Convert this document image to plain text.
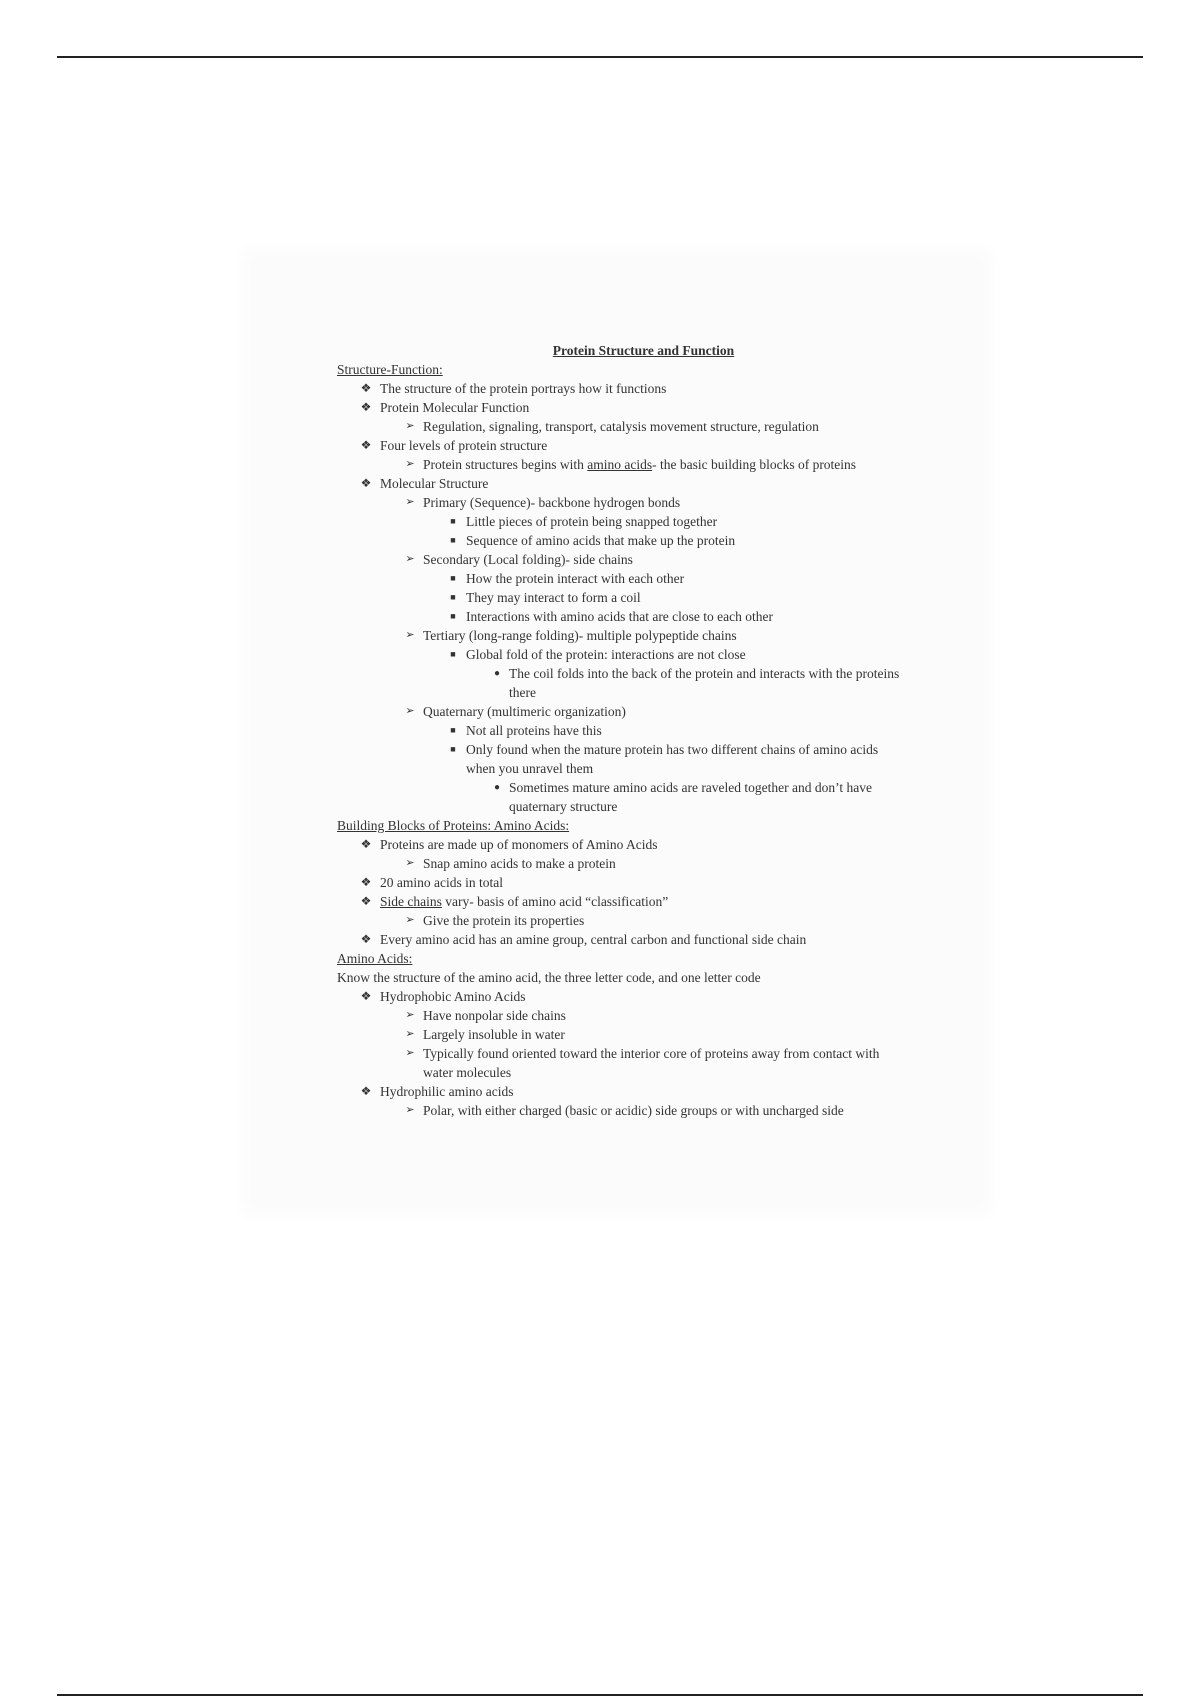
Protein Structure and Function
Structure-Function:
❖ The structure of the protein portrays how it functions
❖ Protein Molecular Function
➢ Regulation, signaling, transport, catalysis movement structure, regulation
❖ Four levels of protein structure
➢ Protein structures begins with amino acids- the basic building blocks of proteins
❖ Molecular Structure
➢ Primary (Sequence)- backbone hydrogen bonds
■ Little pieces of protein being snapped together
■ Sequence of amino acids that make up the protein
➢ Secondary (Local folding)- side chains
■ How the protein interact with each other
■ They may interact to form a coil
■ Interactions with amino acids that are close to each other
➢ Tertiary (long-range folding)- multiple polypeptide chains
■ Global fold of the protein: interactions are not close
● The coil folds into the back of the protein and interacts with the proteins there
➢ Quaternary (multimeric organization)
■ Not all proteins have this
■ Only found when the mature protein has two different chains of amino acids when you unravel them
● Sometimes mature amino acids are raveled together and don’t have quaternary structure
Building Blocks of Proteins: Amino Acids:
❖ Proteins are made up of monomers of Amino Acids
➢ Snap amino acids to make a protein
❖ 20 amino acids in total
❖ Side chains vary- basis of amino acid “classification”
➢ Give the protein its properties
❖ Every amino acid has an amine group, central carbon and functional side chain
Amino Acids:
Know the structure of the amino acid, the three letter code, and one letter code
❖ Hydrophobic Amino Acids
➢ Have nonpolar side chains
➢ Largely insoluble in water
➢ Typically found oriented toward the interior core of proteins away from contact with water molecules
❖ Hydrophilic amino acids
➢ Polar, with either charged (basic or acidic) side groups or with uncharged side
